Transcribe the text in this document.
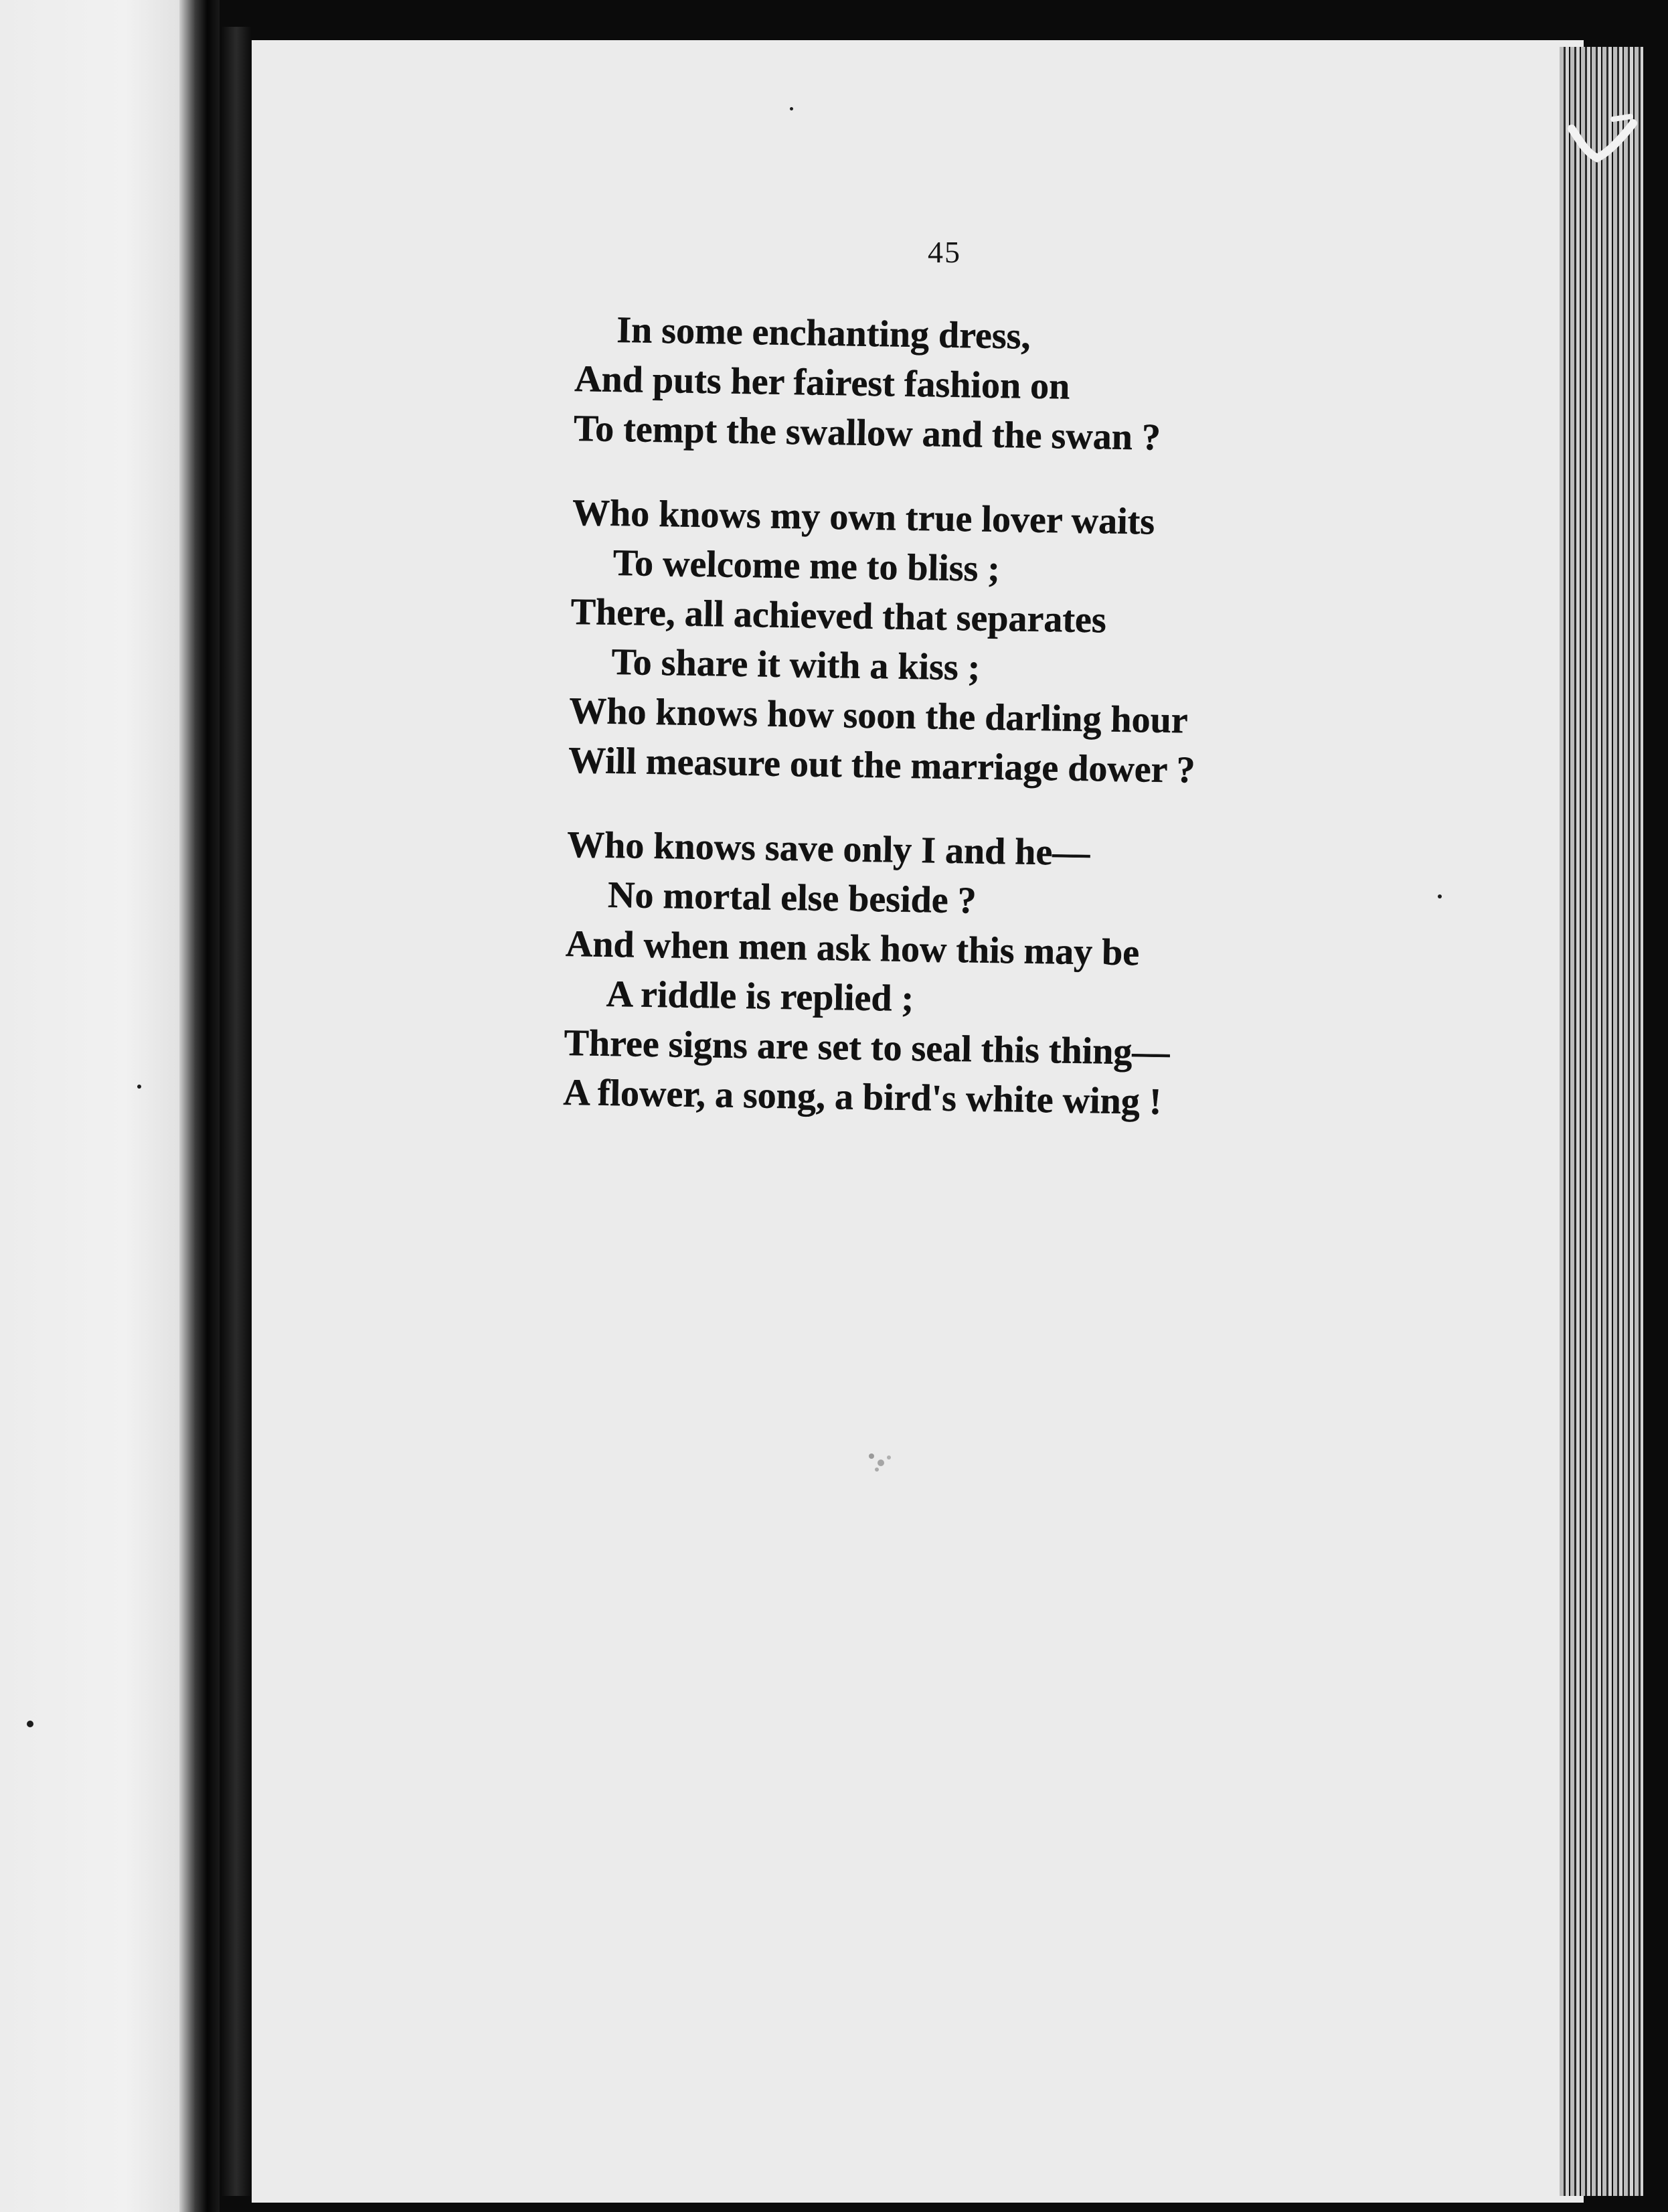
45
In some enchanting dress,
And puts her fairest fashion on
To tempt the swallow and the swan ?
Who knows my own true lover waits
To welcome me to bliss ;
There, all achieved that separates
To share it with a kiss ;
Who knows how soon the darling hour
Will measure out the marriage dower ?
Who knows save only I and he—
No mortal else beside ?
And when men ask how this may be
A riddle is replied ;
Three signs are set to seal this thing—
A flower, a song, a bird's white wing !
